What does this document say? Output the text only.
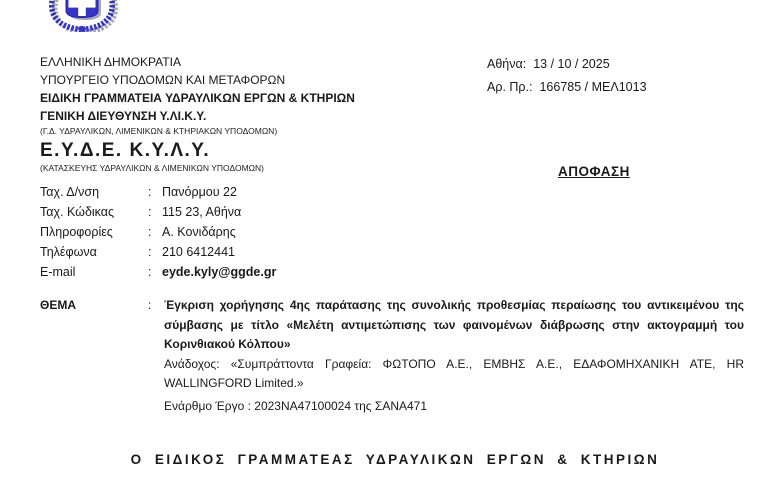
ΕΛΛΗΝΙΚΗ ΔΗΜΟΚΡΑΤΙΑ
ΥΠΟΥΡΓΕΙΟ ΥΠΟΔΟΜΩΝ ΚΑΙ ΜΕΤΑΦΟΡΩΝ
ΕΙΔΙΚΗ ΓΡΑΜΜΑΤΕΙΑ ΥΔΡΑΥΛΙΚΩΝ ΕΡΓΩΝ & ΚΤΗΡΙΩΝ
ΓΕΝΙΚΗ ΔΙΕΥΘΥΝΣΗ Υ.ΛΙ.Κ.Υ.
(Γ.Δ. ΥΔΡΑΥΛΙΚΩΝ, ΛΙΜΕΝΙΚΩΝ & ΚΤΗΡΙΑΚΩΝ ΥΠΟΔΟΜΩΝ)
Ε.Υ.Δ.Ε. Κ.Υ.Λ.Υ.
(ΚΑΤΑΣΚΕΥΗΣ ΥΔΡΑΥΛΙΚΩΝ & ΛΙΜΕΝΙΚΩΝ ΥΠΟΔΟΜΩΝ)
Αθήνα: 13 / 10 / 2025
Αρ. Πρ.: 166785 / ΜΕΛ1013
ΑΠΟΦΑΣΗ
Ταχ. Δ/νση	: Πανόρμου 22
Ταχ. Κώδικας	: 115 23, Αθήνα
Πληροφορίες	: Α. Κονιδάρης
Τηλέφωνα	: 210 6412441
E-mail	: eyde.kyly@ggde.gr
ΘΕΜΑ	:	Έγκριση χορήγησης 4ης παράτασης της συνολικής προθεσμίας περαίωσης του αντικειμένου της σύμβασης με τίτλο «Μελέτη αντιμετώπισης των φαινομένων διάβρωσης στην ακτογραμμή του Κορινθιακού Κόλπου»

Ανάδοχος: «Συμπράττοντα Γραφεία: ΦΩΤΟΠΟ Α.Ε., ΕΜΒΗΣ Α.Ε., ΕΔΑΦΟΜΗΧΑΝΙΚΗ ΑΤΕ, HR WALLINGFORD Limited.»

Ενάρθμο Έργο : 2023NA47100024 της ΣΑΝΑ471

Ο ΕΙΔΙΚΟΣ ΓΡΑΜΜΑΤΕΑΣ ΥΔΡΑΥΛΙΚΩΝ ΕΡΓΩΝ & ΚΤΗΡΙΩΝ
